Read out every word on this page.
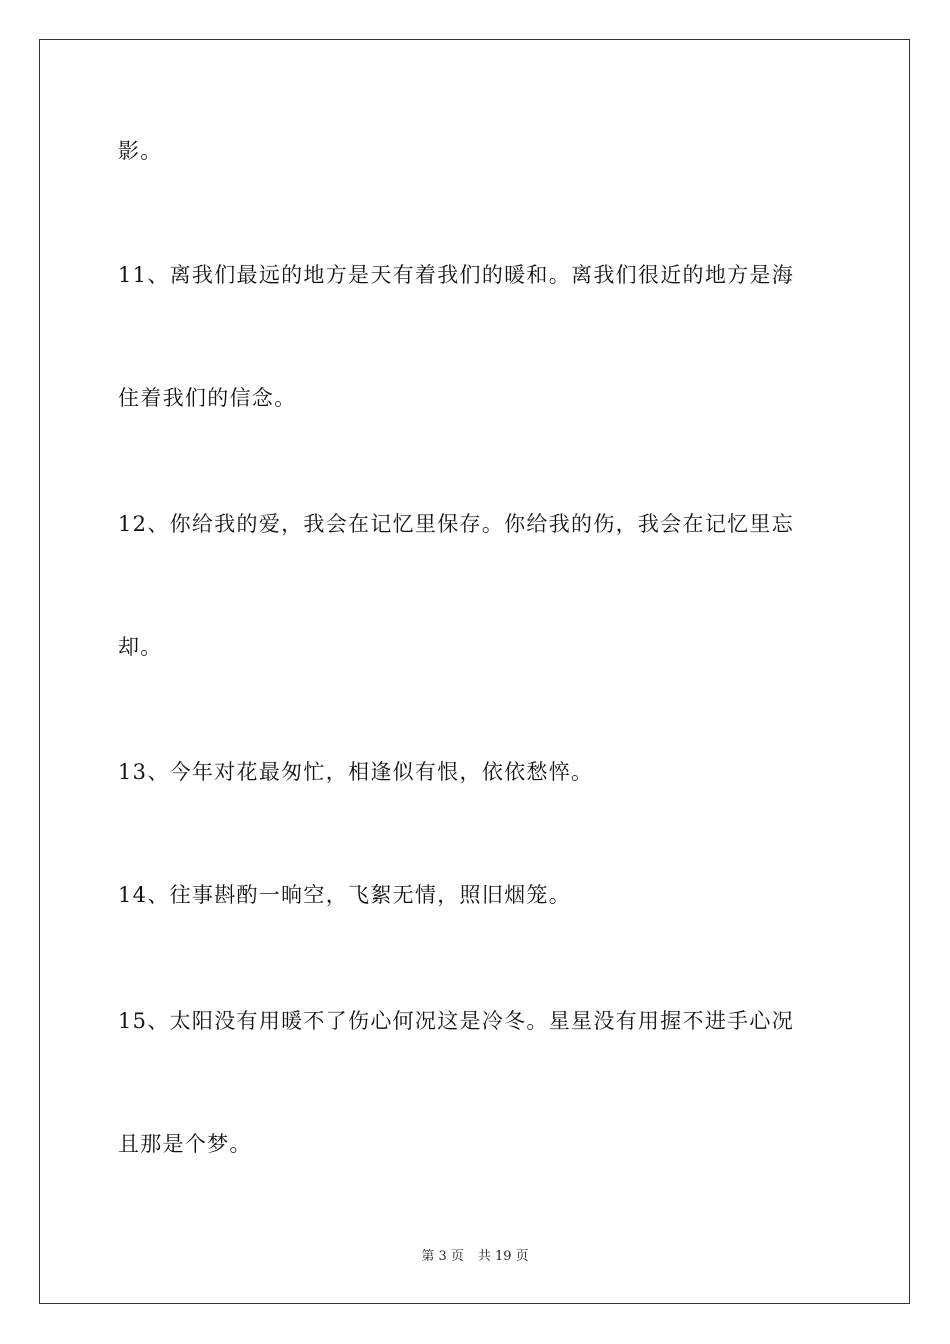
影。
11、离我们最远的地方是天有着我们的暖和。离我们很近的地方是海
住着我们的信念。
12、你给我的爱，我会在记忆里保存。你给我的伤，我会在记忆里忘
却。
13、今年对花最匆忙，相逢似有恨，依依愁悴。
14、往事斟酌一晌空，飞絮无情，照旧烟笼。
15、太阳没有用暖不了伤心何况这是冷冬。星星没有用握不进手心况
且那是个梦。
第 3 页 共 19 页
